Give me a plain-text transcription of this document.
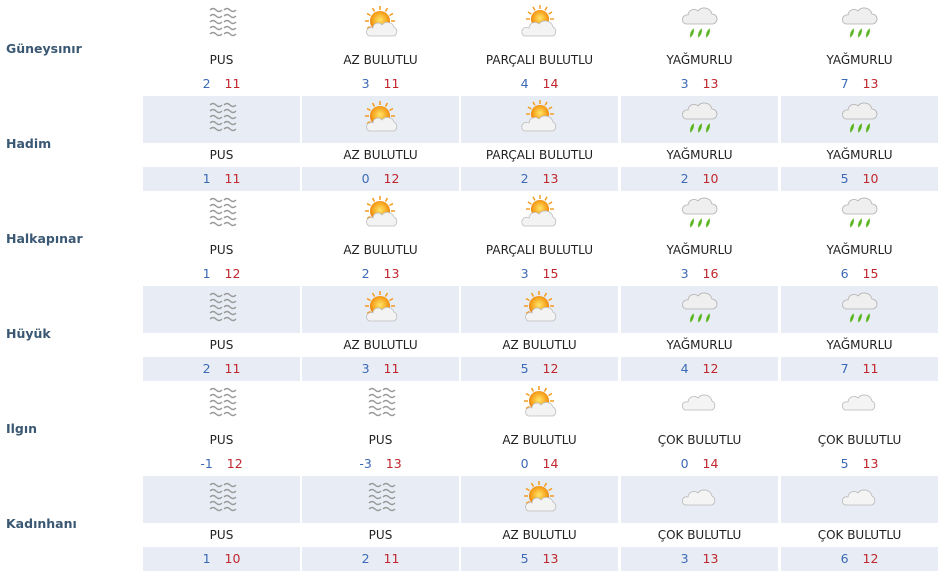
Güneysınır
PUS
2 11
AZ BULUTLU
3 11
PARÇALI BULUTLU
4 14
YAĞMURLU
3 13
YAĞMURLU
7 13
Hadim
PUS
1 11
AZ BULUTLU
0 12
PARÇALI BULUTLU
2 13
YAĞMURLU
2 10
YAĞMURLU
5 10
Halkapınar
PUS
1 12
AZ BULUTLU
2 13
PARÇALI BULUTLU
3 15
YAĞMURLU
3 16
YAĞMURLU
6 15
Hüyük
PUS
2 11
AZ BULUTLU
3 11
AZ BULUTLU
5 12
YAĞMURLU
4 12
YAĞMURLU
7 11
Ilgın
PUS
-1 12
PUS
-3 13
AZ BULUTLU
0 14
ÇOK BULUTLU
0 14
ÇOK BULUTLU
5 13
Kadınhanı
PUS
1 10
PUS
2 11
AZ BULUTLU
5 13
ÇOK BULUTLU
3 13
ÇOK BULUTLU
6 12
